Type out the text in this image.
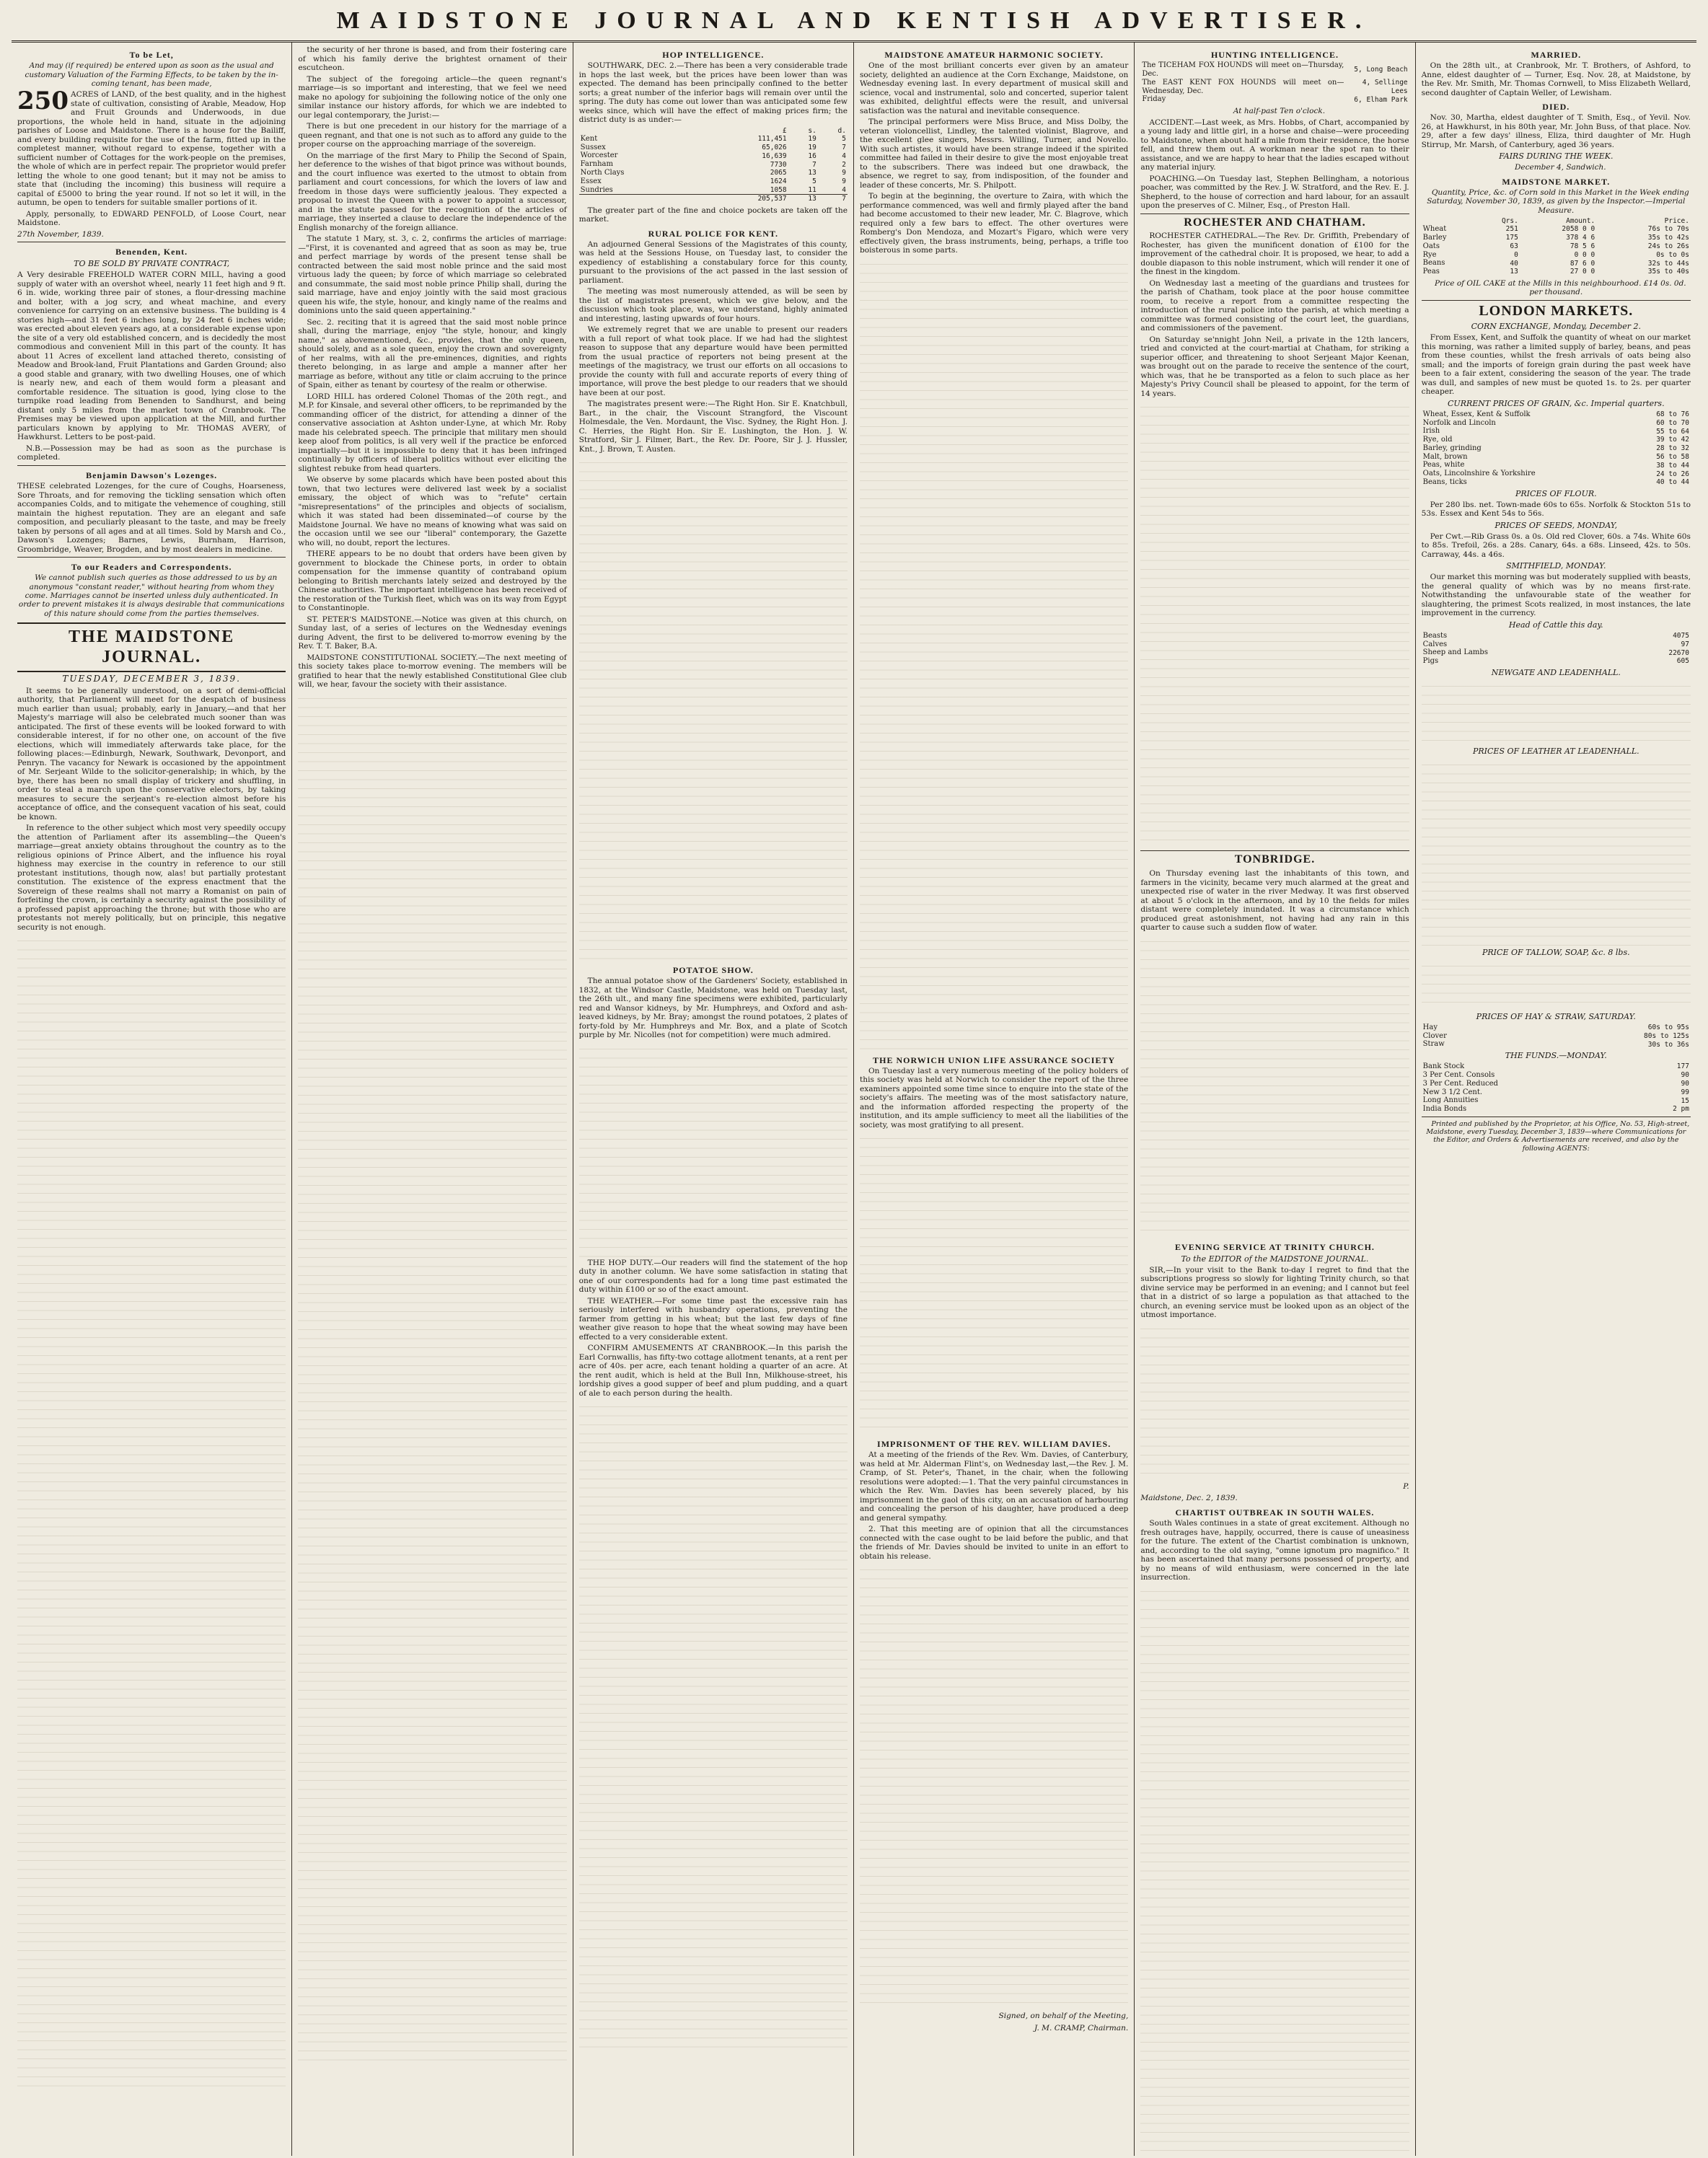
MAIDSTONE JOURNAL AND KENTISH ADVERTISER.
To be Let,

And may (if required) be entered upon as soon as the usual and customary Valuation of the Farming Effects, to be taken by the in-coming tenant, has been made,

250 ACRES of LAND, of the best quality, and in the highest state of cultivation, consisting of Arable, Meadow, Hop and Fruit Grounds and Underwoods, in due proportions, the whole held in hand, situate in the adjoining parishes of Loose and Maidstone. There is a house for the Bailiff, and every building requisite for the use of the farm, fitted up in the completest manner, without regard to expense, together with a sufficient number of Cottages for the work-people on the premises, the whole of which are in perfect repair. The proprietor would prefer letting the whole to one good tenant; but it may not be amiss to state that (including the incoming) this business will require a capital of £5000 to bring the year round. If not so let it will, in the autumn, be open to tenders for suitable smaller portions of it.

Apply, personally, to EDWARD PENFOLD, of Loose Court, near Maidstone.

27th November, 1839.

Benenden, Kent.
TO BE SOLD BY PRIVATE CONTRACT,

A Very desirable FREEHOLD WATER CORN MILL, having a good supply of water with an overshot wheel, nearly 11 feet high and 9 ft. 6 in. wide, working three pair of stones, a flour-dressing machine and bolter, with a jog scry, and wheat machine, and every convenience for carrying on an extensive business. The building is 4 stories high—and 31 feet 6 inches long, by 24 feet 6 inches wide; was erected about eleven years ago, at a considerable expense upon the site of a very old established concern, and is decidedly the most commodious and convenient Mill in this part of the county. It has about 11 Acres of excellent land attached thereto, consisting of Meadow and Brook-land, Fruit Plantations and Garden Ground; also a good stable and granary, with two dwelling Houses, one of which is nearly new, and each of them would form a pleasant and comfortable residence. The situation is good, lying close to the turnpike road leading from Benenden to Sandhurst, and being distant only 5 miles from the market town of Cranbrook. The Premises may be viewed upon application at the Mill, and further particulars known by applying to Mr. THOMAS AVERY, of Hawkhurst. Letters to be post-paid.

N.B.—Possession may be had as soon as the purchase is completed.

Benjamin Dawson's Lozenges.

THESE celebrated Lozenges, for the cure of Coughs, Hoarseness, Sore Throats, and for removing the tickling sensation which often accompanies Colds, and to mitigate the vehemence of coughing, still maintain the highest reputation. They are an elegant and safe composition, and peculiarly pleasant to the taste, and may be freely taken by persons of all ages and at all times. Sold by Marsh and Co., Dawson's Lozenges; Barnes, Lewis, Burnham, Harrison, Groombridge, Weaver, Brogden, and by most dealers in medicine.

To our Readers and Correspondents.

We cannot publish such queries as those addressed to us by an anonymous "constant reader," without hearing from whom they come. Marriages cannot be inserted unless duly authenticated. In order to prevent mistakes it is always desirable that communications of this nature should come from the parties themselves.

THE MAIDSTONE JOURNAL.
TUESDAY, DECEMBER 3, 1839.

It seems to be generally understood, on a sort of demi-official authority, that Parliament will meet for the despatch of business much earlier than usual; probably, early in January,—and that her Majesty's marriage will also be celebrated much sooner than was anticipated. The first of these events will be looked forward to with considerable interest, if for no other one, on account of the five elections, which will immediately afterwards take place, for the following places:—Edinburgh, Newark, Southwark, Devonport, and Penryn. The vacancy for Newark is occasioned by the appointment of Mr. Serjeant Wilde to the solicitor-generalship; in which, by the bye, there has been no small display of trickery and shuffling, in order to steal a march upon the conservative electors, by taking measures to secure the serjeant's re-election almost before his acceptance of office, and the consequent vacation of his seat, could be known.

In reference to the other subject which most very speedily occupy the attention of Parliament after its assembling—the Queen's marriage—great anxiety obtains throughout the country as to the religious opinions of Prince Albert, and the influence his royal highness may exercise in the country in reference to our still protestant institutions, though now, alas! but partially protestant constitution. The existence of the express enactment that the Sovereign of these realms shall not marry a Romanist on pain of forfeiting the crown, is certainly a security against the possibility of a professed papist approaching the throne; but with those who are protestants not merely politically, but on principle, this negative security is not enough.

the security of her throne is based, and from their fostering care of which his family derive the brightest ornament of their escutcheon.

The subject of the foregoing article—the queen regnant's marriage—is so important and interesting, that we feel we need make no apology for subjoining the following notice of the only one similar instance our history affords, for which we are indebted to our legal contemporary, the Jurist:—

There is but one precedent in our history for the marriage of a queen regnant, and that one is not such as to afford any guide to the proper course on the approaching marriage of the sovereign.

On the marriage of the first Mary to Philip the Second of Spain, her deference to the wishes of that bigot prince was without bounds, and the court influence was exerted to the utmost to obtain from parliament and court concessions, for which the lovers of law and freedom in those days were sufficiently jealous. They expected a proposal to invest the Queen with a power to appoint a successor, and in the statute passed for the recognition of the articles of marriage, they inserted a clause to declare the independence of the English monarchy of the foreign alliance.

The statute 1 Mary, st. 3, c. 2, confirms the articles of marriage:—"First, it is covenanted and agreed that as soon as may be, true and perfect marriage by words of the present tense shall be contracted between the said most noble prince and the said most virtuous lady the queen; by force of which marriage so celebrated and consummate, the said most noble prince Philip shall, during the said marriage, have and enjoy jointly with the said most gracious queen his wife, the style, honour, and kingly name of the realms and dominions unto the said queen appertaining."

Sec. 2. reciting that it is agreed that the said most noble prince shall, during the marriage, enjoy "the style, honour, and kingly name," as abovementioned, &c., provides, that the only queen, should solely, and as a sole queen, enjoy the crown and sovereignty of her realms, with all the pre-eminences, dignities, and rights thereto belonging, in as large and ample a manner after her marriage as before, without any title or claim accruing to the prince of Spain, either as tenant by courtesy of the realm or otherwise.

LORD HILL has ordered Colonel Thomas of the 20th regt., and M.P. for Kinsale, and several other officers, to be reprimanded by the commanding officer of the district, for attending a dinner of the conservative association at Ashton under-Lyne, at which Mr. Roby made his celebrated speech. The principle that military men should keep aloof from politics, is all very well if the practice be enforced impartially—but it is impossible to deny that it has been infringed continually by officers of liberal politics without ever eliciting the slightest rebuke from head quarters.

We observe by some placards which have been posted about this town, that two lectures were delivered last week by a socialist emissary, the object of which was to "refute" certain "misrepresentations" of the principles and objects of socialism, which it was stated had been disseminated—of course by the Maidstone Journal. We have no means of knowing what was said on the occasion until we see our "liberal" contemporary, the Gazette who will, no doubt, report the lectures.

THERE appears to be no doubt that orders have been given by government to blockade the Chinese ports, in order to obtain compensation for the immense quantity of contraband opium belonging to British merchants lately seized and destroyed by the Chinese authorities. The important intelligence has been received of the restoration of the Turkish fleet, which was on its way from Egypt to Constantinople.

ST. PETER'S MAIDSTONE.—Notice was given at this church, on Sunday last, of a series of lectures on the Wednesday evenings during Advent, the first to be delivered to-morrow evening by the Rev. T. T. Baker, B.A.

MAIDSTONE CONSTITUTIONAL SOCIETY.—The next meeting of this society takes place to-morrow evening. The members will be gratified to hear that the newly established Constitutional Glee club will, we hear, favour the society with their assistance.

HOP INTELLIGENCE.

SOUTHWARK, DEC. 2.—There has been a very considerable trade in hops the last week, but the prices have been lower than was expected. The demand has been principally confined to the better sorts; a great number of the inferior bags will remain over until the spring. The duty has come out lower than was anticipated some few weeks since, which will have the effect of making prices firm; the district duty is as under:—

	£	s.	d.
Kent	111,451	19	5
Sussex	65,026	19	7
Worcester	16,639	16	4
Farnham	7730	7	2
North Clays	2065	13	9
Essex	1624	5	9
Sundries	1058	11	4
	205,537	13	7

The greater part of the fine and choice pockets are taken off the market.

RURAL POLICE FOR KENT.

An adjourned General Sessions of the Magistrates of this county, was held at the Sessions House, on Tuesday last, to consider the expediency of establishing a constabulary force for this county, pursuant to the provisions of the act passed in the last session of parliament.

The meeting was most numerously attended, as will be seen by the list of magistrates present, which we give below, and the discussion which took place, was, we understand, highly animated and interesting, lasting upwards of four hours.

We extremely regret that we are unable to present our readers with a full report of what took place. If we had had the slightest reason to suppose that any departure would have been permitted from the usual practice of reporters not being present at the meetings of the magistracy, we trust our efforts on all occasions to provide the county with full and accurate reports of every thing of importance, will prove the best pledge to our readers that we should have been at our post.

The magistrates present were:—The Right Hon. Sir E. Knatchbull, Bart., in the chair, the Viscount Strangford, the Viscount Holmesdale, the Ven. Mordaunt, the Visc. Sydney, the Right Hon. J. C. Herries, the Right Hon. Sir E. Lushington, the Hon. J. W. Stratford, Sir J. Filmer, Bart., the Rev. Dr. Poore, Sir J. J. Hussler, Knt., J. Brown, T. Austen.

POTATOE SHOW.

The annual potatoe show of the Gardeners' Society, established in 1832, at the Windsor Castle, Maidstone, was held on Tuesday last, the 26th ult., and many fine specimens were exhibited, particularly red and Wansor kidneys, by Mr. Humphreys, and Oxford and ash-leaved kidneys, by Mr. Bray; amongst the round potatoes, 2 plates of forty-fold by Mr. Humphreys and Mr. Box, and a plate of Scotch purple by Mr. Nicolles (not for competition) were much admired.

THE HOP DUTY.—Our readers will find the statement of the hop duty in another column. We have some satisfaction in stating that one of our correspondents had for a long time past estimated the duty within £100 or so of the exact amount.

THE WEATHER.—For some time past the excessive rain has seriously interfered with husbandry operations, preventing the farmer from getting in his wheat; but the last few days of fine weather give reason to hope that the wheat sowing may have been effected to a very considerable extent.

CONFIRM AMUSEMENTS AT CRANBROOK.—In this parish the Earl Cornwallis, has fifty-two cottage allotment tenants, at a rent per acre of 40s. per acre, each tenant holding a quarter of an acre. At the rent audit, which is held at the Bull Inn, Milkhouse-street, his lordship gives a good supper of beef and plum pudding, and a quart of ale to each person during the health.

MAIDSTONE AMATEUR HARMONIC SOCIETY.

One of the most brilliant concerts ever given by an amateur society, delighted an audience at the Corn Exchange, Maidstone, on Wednesday evening last. In every department of musical skill and science, vocal and instrumental, solo and concerted, superior talent was exhibited, delightful effects were the result, and universal satisfaction was the natural and inevitable consequence.

The principal performers were Miss Bruce, and Miss Dolby, the veteran violoncellist, Lindley, the talented violinist, Blagrove, and the excellent glee singers, Messrs. Willing, Turner, and Novello. With such artistes, it would have been strange indeed if the spirited committee had failed in their desire to give the most enjoyable treat to the subscribers. There was indeed but one drawback, the absence, we regret to say, from indisposition, of the founder and leader of these concerts, Mr. S. Philpott.

To begin at the beginning, the overture to Zaira, with which the performance commenced, was well and firmly played after the band had become accustomed to their new leader, Mr. C. Blagrove, which required only a few bars to effect. The other overtures were Romberg's Don Mendoza, and Mozart's Figaro, which were very effectively given, the brass instruments, being, perhaps, a trifle too boisterous in some parts.

THE NORWICH UNION LIFE ASSURANCE SOCIETY

On Tuesday last a very numerous meeting of the policy holders of this society was held at Norwich to consider the report of the three examiners appointed some time since to enquire into the state of the society's affairs. The meeting was of the most satisfactory nature, and the information afforded respecting the property of the institution, and its ample sufficiency to meet all the liabilities of the society, was most gratifying to all present.

IMPRISONMENT OF THE REV. WILLIAM DAVIES.

At a meeting of the friends of the Rev. Wm. Davies, of Canterbury, was held at Mr. Alderman Flint's, on Wednesday last,—the Rev. J. M. Cramp, of St. Peter's, Thanet, in the chair, when the following resolutions were adopted:—1. That the very painful circumstances in which the Rev. Wm. Davies has been severely placed, by his imprisonment in the gaol of this city, on an accusation of harbouring and concealing the person of his daughter, have produced a deep and general sympathy.

2. That this meeting are of opinion that all the circumstances connected with the case ought to be laid before the public, and that the friends of Mr. Davies should be invited to unite in an effort to obtain his release.

Signed, on behalf of the Meeting,
J. M. CRAMP, Chairman.
HUNTING INTELLIGENCE.
The TICEHAM FOX HOUNDS will meet on—Thursday, Dec.	5, Long Beach
The EAST KENT FOX HOUNDS will meet on—Wednesday, Dec.	4, Sellinge Lees
Friday	6, Elham Park

At half-past Ten o'clock.

ACCIDENT.—Last week, as Mrs. Hobbs, of Chart, accompanied by a young lady and little girl, in a horse and chaise—were proceeding to Maidstone, when about half a mile from their residence, the horse fell, and threw them out. A workman near the spot ran to their assistance, and we are happy to hear that the ladies escaped without any material injury.

POACHING.—On Tuesday last, Stephen Bellingham, a notorious poacher, was committed by the Rev. J. W. Stratford, and the Rev. E. J. Shepherd, to the house of correction and hard labour, for an assault upon the preserves of C. Milner, Esq., of Preston Hall.

ROCHESTER AND CHATHAM.

ROCHESTER CATHEDRAL.—The Rev. Dr. Griffith, Prebendary of Rochester, has given the munificent donation of £100 for the improvement of the cathedral choir. It is proposed, we hear, to add a double diapason to this noble instrument, which will render it one of the finest in the kingdom.

On Wednesday last a meeting of the guardians and trustees for the parish of Chatham, took place at the poor house committee room, to receive a report from a committee respecting the introduction of the rural police into the parish, at which meeting a committee was formed consisting of the court leet, the guardians, and commissioners of the pavement.

On Saturday se'nnight John Neil, a private in the 12th lancers, tried and convicted at the court-martial at Chatham, for striking a superior officer, and threatening to shoot Serjeant Major Keenan, was brought out on the parade to receive the sentence of the court, which was, that he be transported as a felon to such place as her Majesty's Privy Council shall be pleased to appoint, for the term of 14 years.

TONBRIDGE.

On Thursday evening last the inhabitants of this town, and farmers in the vicinity, became very much alarmed at the great and unexpected rise of water in the river Medway. It was first observed at about 5 o'clock in the afternoon, and by 10 the fields for miles distant were completely inundated. It was a circumstance which produced great astonishment, not having had any rain in this quarter to cause such a sudden flow of water.

EVENING SERVICE AT TRINITY CHURCH.
To the EDITOR of the MAIDSTONE JOURNAL.

SIR,—In your visit to the Bank to-day I regret to find that the subscriptions progress so slowly for lighting Trinity church, so that divine service may be performed in an evening; and I cannot but feel that in a district of so large a population as that attached to the church, an evening service must be looked upon as an object of the utmost importance.

P.

Maidstone, Dec. 2, 1839.

CHARTIST OUTBREAK IN SOUTH WALES.

South Wales continues in a state of great excitement. Although no fresh outrages have, happily, occurred, there is cause of uneasiness for the future. The extent of the Chartist combination is unknown, and, according to the old saying, "omne ignotum pro magnifico." It has been ascertained that many persons possessed of property, and by no means of wild enthusiasm, were concerned in the late insurrection.

MARRIED.

On the 28th ult., at Cranbrook, Mr. T. Brothers, of Ashford, to Anne, eldest daughter of — Turner, Esq. Nov. 28, at Maidstone, by the Rev. Mr. Smith, Mr. Thomas Cornwell, to Miss Elizabeth Wellard, second daughter of Captain Weller, of Lewisham.

DIED.

Nov. 30, Martha, eldest daughter of T. Smith, Esq., of Yevil. Nov. 26, at Hawkhurst, in his 80th year, Mr. John Buss, of that place. Nov. 29, after a few days' illness, Eliza, third daughter of Mr. Hugh Stirrup, Mr. Marsh, of Canterbury, aged 36 years.

FAIRS DURING THE WEEK.

December 4, Sandwich.

MAIDSTONE MARKET.

Quantity, Price, &c. of Corn sold in this Market in the Week ending Saturday, November 30, 1839, as given by the Inspector.—Imperial Measure.

	Qrs.	Amount.	Price.
Wheat	251	2058 0 0	76s to 70s
Barley	175	378 4 6	35s to 42s
Oats	63	78 5 6	24s to 26s
Rye	0	0 0 0	0s to 0s
Beans	40	87 6 0	32s to 44s
Peas	13	27 0 0	35s to 40s

Price of OIL CAKE at the Mills in this neighbourhood. £14 0s. 0d. per thousand.

LONDON MARKETS.
CORN EXCHANGE, Monday, December 2.

From Essex, Kent, and Suffolk the quantity of wheat on our market this morning, was rather a limited supply of barley, beans, and peas from these counties, whilst the fresh arrivals of oats being also small; and the imports of foreign grain during the past week have been to a fair extent, considering the season of the year. The trade was dull, and samples of new must be quoted 1s. to 2s. per quarter cheaper.

CURRENT PRICES OF GRAIN, &c. Imperial quarters.
Wheat, Essex, Kent & Suffolk	68 to 76
Norfolk and Lincoln	60 to 70
Irish	55 to 64
Rye, old	39 to 42
Barley, grinding	28 to 32
Malt, brown	56 to 58
Peas, white	38 to 44
Oats, Lincolnshire & Yorkshire	24 to 26
Beans, ticks	40 to 44
PRICES OF FLOUR.

Per 280 lbs. net. Town-made 60s to 65s. Norfolk & Stockton 51s to 53s. Essex and Kent 54s to 56s.

PRICES OF SEEDS, MONDAY,

Per Cwt.—Rib Grass 0s. a 0s. Old red Clover, 60s. a 74s. White 60s to 85s. Trefoil, 26s. a 28s. Canary, 64s. a 68s. Linseed, 42s. to 50s. Carraway, 44s. a 46s.

SMITHFIELD, MONDAY.

Our market this morning was but moderately supplied with beasts, the general quality of which was by no means first-rate. Notwithstanding the unfavourable state of the weather for slaughtering, the primest Scots realized, in most instances, the late improvement in the currency.

Head of Cattle this day.
Beasts	4075
Calves	97
Sheep and Lambs	22670
Pigs	605
NEWGATE AND LEADENHALL.
PRICES OF LEATHER AT LEADENHALL.
PRICE OF TALLOW, SOAP, &c. 8 lbs.
PRICES OF HAY & STRAW, SATURDAY.
Hay	60s to 95s
Clover	80s to 125s
Straw	30s to 36s
THE FUNDS.—MONDAY.
Bank Stock	177
3 Per Cent. Consols	90
3 Per Cent. Reduced	90
New 3 1/2 Cent.	99
Long Annuities	15
India Bonds	2 pm

Printed and published by the Proprietor, at his Office, No. 53, High-street, Maidstone, every Tuesday, December 3, 1839—where Communications for the Editor, and Orders & Advertisements are received, and also by the following AGENTS:
